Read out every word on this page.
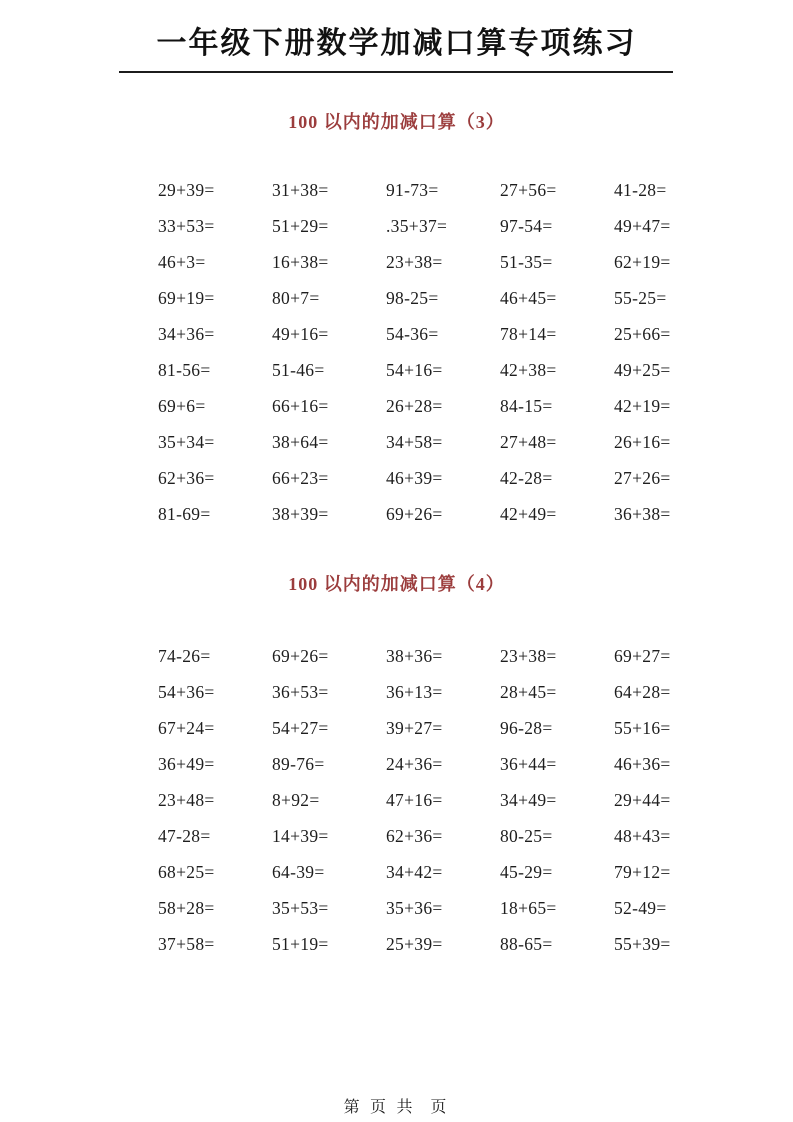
一年级下册数学加减口算专项练习
100 以内的加减口算（3）
29+39=	31+38=	91-73=	27+56=	41-28=
33+53=	51+29=	.35+37=	97-54=	49+47=
46+3=	16+38=	23+38=	51-35=	62+19=
69+19=	80+7=	98-25=	46+45=	55-25=
34+36=	49+16=	54-36=	78+14=	25+66=
81-56=	51-46=	54+16=	42+38=	49+25=
69+6=	66+16=	26+28=	84-15=	42+19=
35+34=	38+64=	34+58=	27+48=	26+16=
62+36=	66+23=	46+39=	42-28=	27+26=
81-69=	38+39=	69+26=	42+49=	36+38=
100 以内的加减口算（4）
74-26=	69+26=	38+36=	23+38=	69+27=
54+36=	36+53=	36+13=	28+45=	64+28=
67+24=	54+27=	39+27=	96-28=	55+16=
36+49=	89-76=	24+36=	36+44=	46+36=
23+48=	8+92=	47+16=	34+49=	29+44=
47-28=	14+39=	62+36=	80-25=	48+43=
68+25=	64-39=	34+42=	45-29=	79+12=
58+28=	35+53=	35+36=	18+65=	52-49=
37+58=	51+19=	25+39=	88-65=	55+39=
第 页 共  页
